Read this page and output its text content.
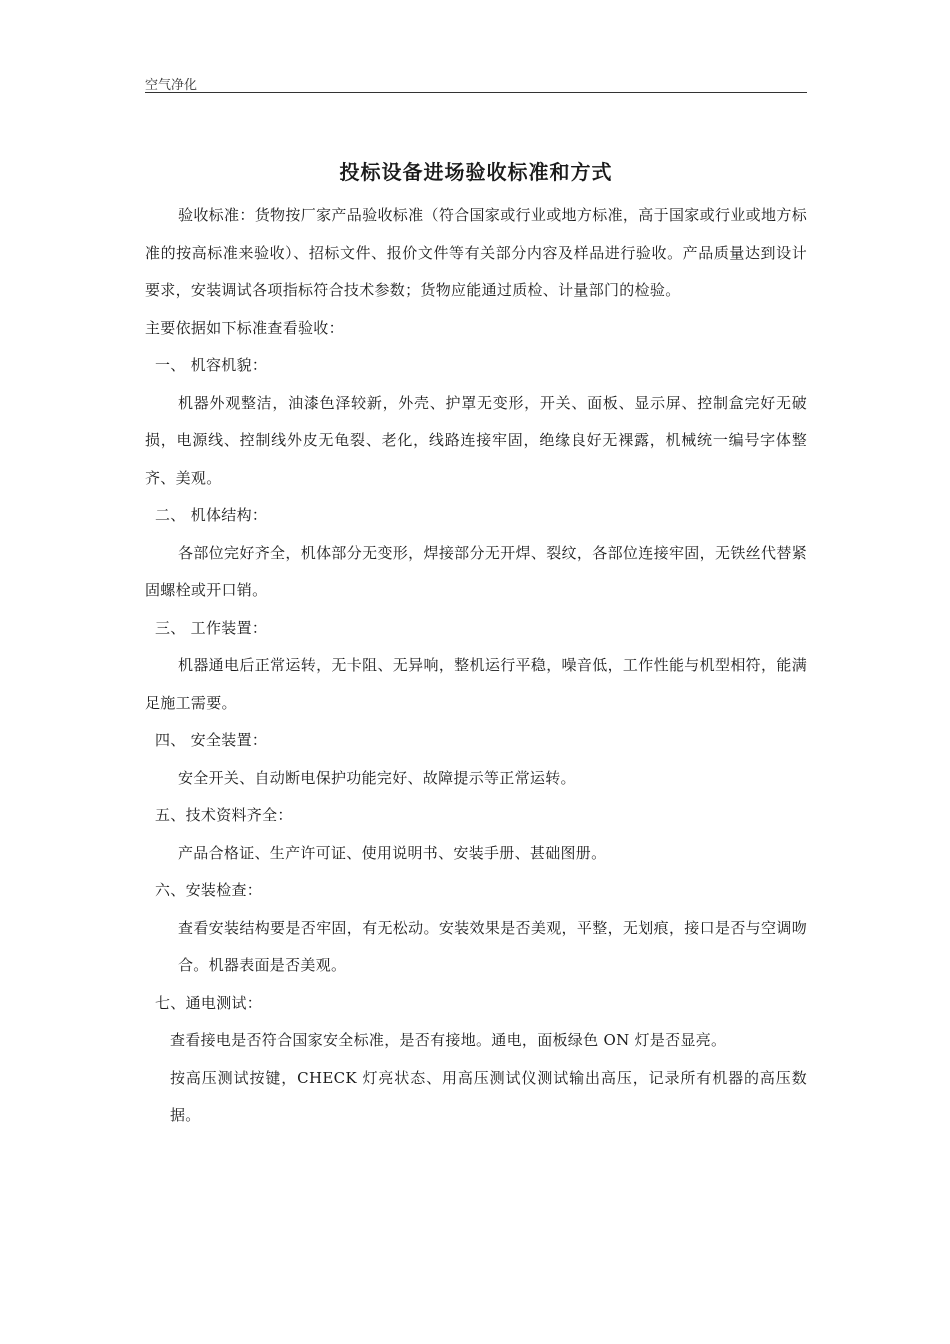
空气净化
投标设备进场验收标准和方式

验收标准：货物按厂家产品验收标准（符合国家或行业或地方标准，高于国家或行业或地方标准的按高标准来验收）、招标文件、报价文件等有关部分内容及样品进行验收。产品质量达到设计要求，安装调试各项指标符合技术参数；货物应能通过质检、计量部门的检验。

主要依据如下标准查看验收：

一、 机容机貌：

机器外观整洁，油漆色泽较新，外壳、护罩无变形，开关、面板、显示屏、控制盒完好无破损，电源线、控制线外皮无龟裂、老化，线路连接牢固，绝缘良好无裸露，机械统一编号字体整齐、美观。

二、 机体结构：

各部位完好齐全，机体部分无变形，焊接部分无开焊、裂纹，各部位连接牢固，无铁丝代替紧固螺栓或开口销。

三、 工作装置：

机器通电后正常运转，无卡阻、无异响，整机运行平稳，噪音低，工作性能与机型相符，能满足施工需要。

四、 安全装置：

安全开关、自动断电保护功能完好、故障提示等正常运转。

五、技术资料齐全：

产品合格证、生产许可证、使用说明书、安装手册、甚础图册。

六、安装检查：

查看安装结构要是否牢固，有无松动。安装效果是否美观，平整，无划痕，接口是否与空调吻合。机器表面是否美观。

七、通电测试：

查看接电是否符合国家安全标准，是否有接地。通电，面板绿色 ON 灯是否显亮。

按高压测试按键，CHECK 灯亮状态、用高压测试仪测试输出高压，记录所有机器的高压数据。
